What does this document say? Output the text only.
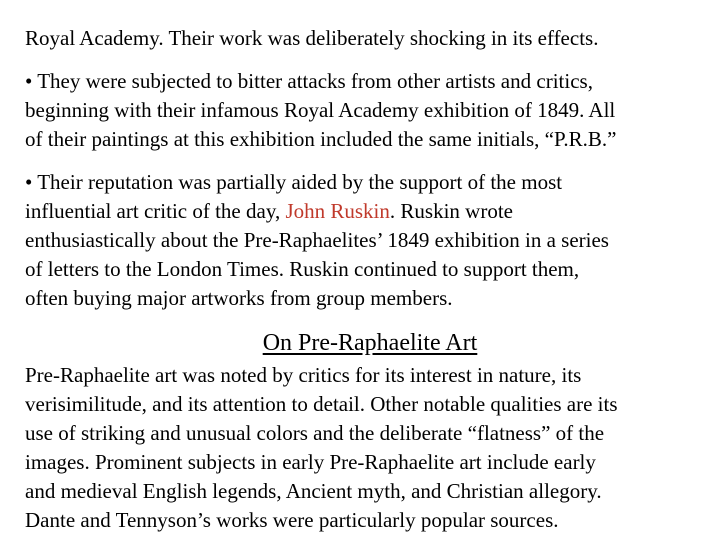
Royal Academy. Their work was deliberately shocking in its effects.
• They were subjected to bitter attacks from other artists and critics,
beginning with their infamous Royal Academy exhibition of 1849. All
of their paintings at this exhibition included the same initials, “P.R.B.”
• Their reputation was partially aided by the support of the most
influential art critic of the day, John Ruskin. Ruskin wrote
enthusiastically about the Pre-Raphaelites’ 1849 exhibition in a series
of letters to the London Times. Ruskin continued to support them,
often buying major artworks from group members.
On Pre-Raphaelite Art
Pre-Raphaelite art was noted by critics for its interest in nature, its
verisimilitude, and its attention to detail. Other notable qualities are its
use of striking and unusual colors and the deliberate “flatness” of the
images. Prominent subjects in early Pre-Raphaelite art include early
and medieval English legends, Ancient myth, and Christian allegory.
Dante and Tennyson’s works were particularly popular sources.
